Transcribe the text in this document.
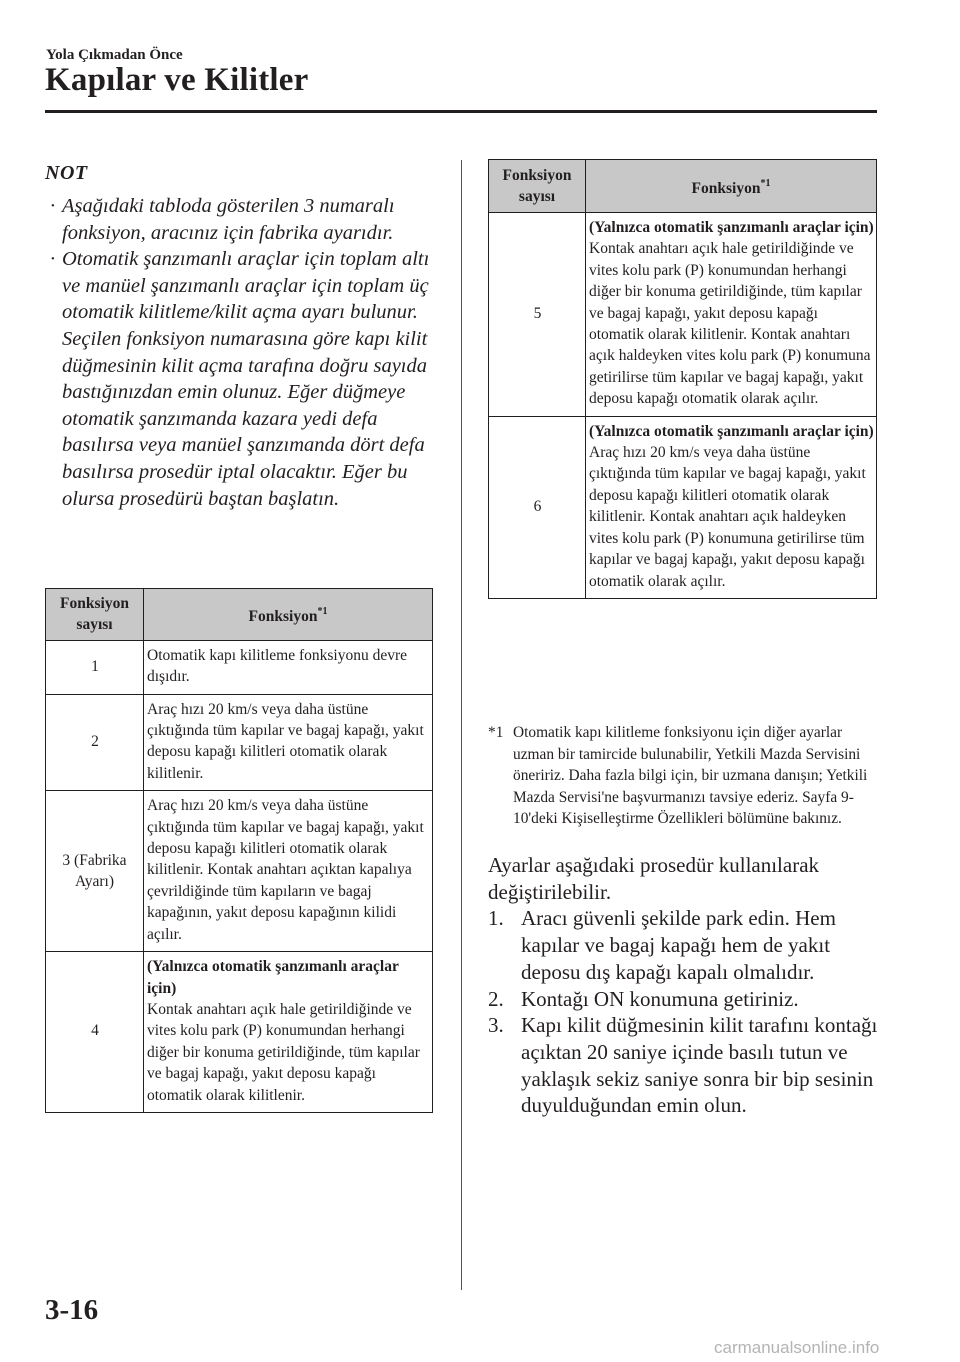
Yola Çıkmadan Önce
Kapılar ve Kilitler
NOT
· Aşağıdaki tabloda gösterilen 3 numaralı fonksiyon, aracınız için fabrika ayarıdır.
· Otomatik şanzımanlı araçlar için toplam altı ve manüel şanzımanlı araçlar için toplam üç otomatik kilitleme/kilit açma ayarı bulunur. Seçilen fonksiyon numarasına göre kapı kilit düğmesinin kilit açma tarafına doğru sayıda bastığınızdan emin olunuz. Eğer düğmeye otomatik şanzımanda kazara yedi defa basılırsa veya manüel şanzımanda dört defa basılırsa prosedür iptal olacaktır. Eğer bu olursa prosedürü baştan başlatın.
Fonksiyon sayısı	Fonksiyon$^{*1}$
1	Otomatik kapı kilitleme fonksiyonu devre dışıdır.
2	Araç hızı 20 km/s veya daha üstüne çıktığında tüm kapılar ve bagaj kapağı, yakıt deposu kapağı kilitleri otomatik olarak kilitlenir.
3 (Fabrika Ayarı)	Araç hızı 20 km/s veya daha üstüne çıktığında tüm kapılar ve bagaj kapağı, yakıt deposu kapağı kilitleri otomatik olarak kilitlenir. Kontak anahtarı açıktan kapalıya çevrildiğinde tüm kapıların ve bagaj kapağının, yakıt deposu kapağının kilidi açılır.
4	(Yalnızca otomatik şanzımanlı araçlar için)
Kontak anahtarı açık hale getirildiğinde ve vites kolu park (P) konumundan herhangi diğer bir konuma getirildiğinde, tüm kapılar ve bagaj kapağı, yakıt deposu kapağı otomatik olarak kilitlenir.
Fonksiyon sayısı	Fonksiyon$^{*1}$
5	(Yalnızca otomatik şanzımanlı araçlar için)
Kontak anahtarı açık hale getirildiğinde ve vites kolu park (P) konumundan herhangi diğer bir konuma getirildiğinde, tüm kapılar ve bagaj kapağı, yakıt deposu kapağı otomatik olarak kilitlenir. Kontak anahtarı açık haldeyken vites kolu park (P) konumuna getirilirse tüm kapılar ve bagaj kapağı, yakıt deposu kapağı otomatik olarak açılır.

6	(Yalnızca otomatik şanzımanlı araçlar için)
Araç hızı 20 km/s veya daha üstüne çıktığında tüm kapılar ve bagaj kapağı, yakıt deposu kapağı kilitleri otomatik olarak kilitlenir. Kontak anahtarı açık haldeyken vites kolu park (P) konumuna getirilirse tüm kapılar ve bagaj kapağı, yakıt deposu kapağı otomatik olarak açılır.
*1 Otomatik kapı kilitleme fonksiyonu için diğer ayarlar uzman bir tamircide bulunabilir, Yetkili Mazda Servisini öneririz. Daha fazla bilgi için, bir uzmana danışın; Yetkili Mazda Servisi'ne başvurmanızı tavsiye ederiz. Sayfa 9-10'deki Kişiselleştirme Özellikleri bölümüne bakınız.

Ayarlar aşağıdaki prosedür kullanılarak değiştirilebilir.

1. Aracı güvenli şekilde park edin. Hem kapılar ve bagaj kapağı hem de yakıt deposu dış kapağı kapalı olmalıdır.
2. Kontağı ON konumuna getiriniz.
3. Kapı kilit düğmesinin kilit tarafını kontağı açıktan 20 saniye içinde basılı tutun ve yaklaşık sekiz saniye sonra bir bip sesinin duyulduğundan emin olun.
3-16
carmanualsonline.info
